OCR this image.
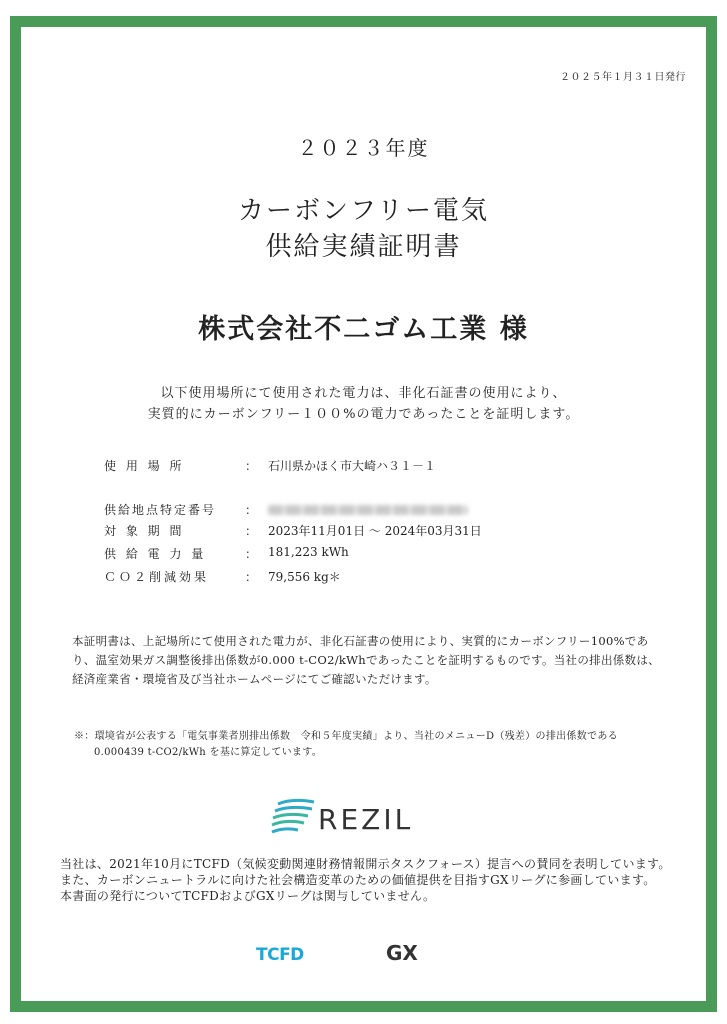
２０２５年１月３１日発行
２０２３年度
カーボンフリー電気
供給実績証明書
株式会社不二ゴム工業 様
以下使用場所にて使用された電力は、非化石証書の使用により、
実質的にカーボンフリー１００%の電力であったことを証明します。
使 用 場 所	： 石川県かほく市大崎ハ３１－１
供給地点特定番号 ：
対 象 期 間	： 2023年11月01日 ～ 2024年03月31日
供 給 電 力 量	： 181,223 kWh
ＣＯ２削減効果	： 79,556 kg＊
本証明書は、上記場所にて使用された電力が、非化石証書の使用により、実質的にカーボンフリー100%であ
り、温室効果ガス調整後排出係数が0.000 t-CO2/kWhであったことを証明するものです。当社の排出係数は、
経済産業省・環境省及び当社ホームページにてご確認いただけます。
※：環境省が公表する「電気事業者別排出係数　令和５年度実績」より、当社のメニューD（残差）の排出係数である
0.000439 t-CO2/kWh を基に算定しています。
REZIL
当社は、2021年10月にTCFD（気候変動関連財務情報開示タスクフォース）提言への賛同を表明しています。
また、カーボンニュートラルに向けた社会構造変革のための価値提供を目指すGXリーグに参画しています。
本書面の発行についてTCFDおよびGXリーグは関与していません。
TCFD	GX
